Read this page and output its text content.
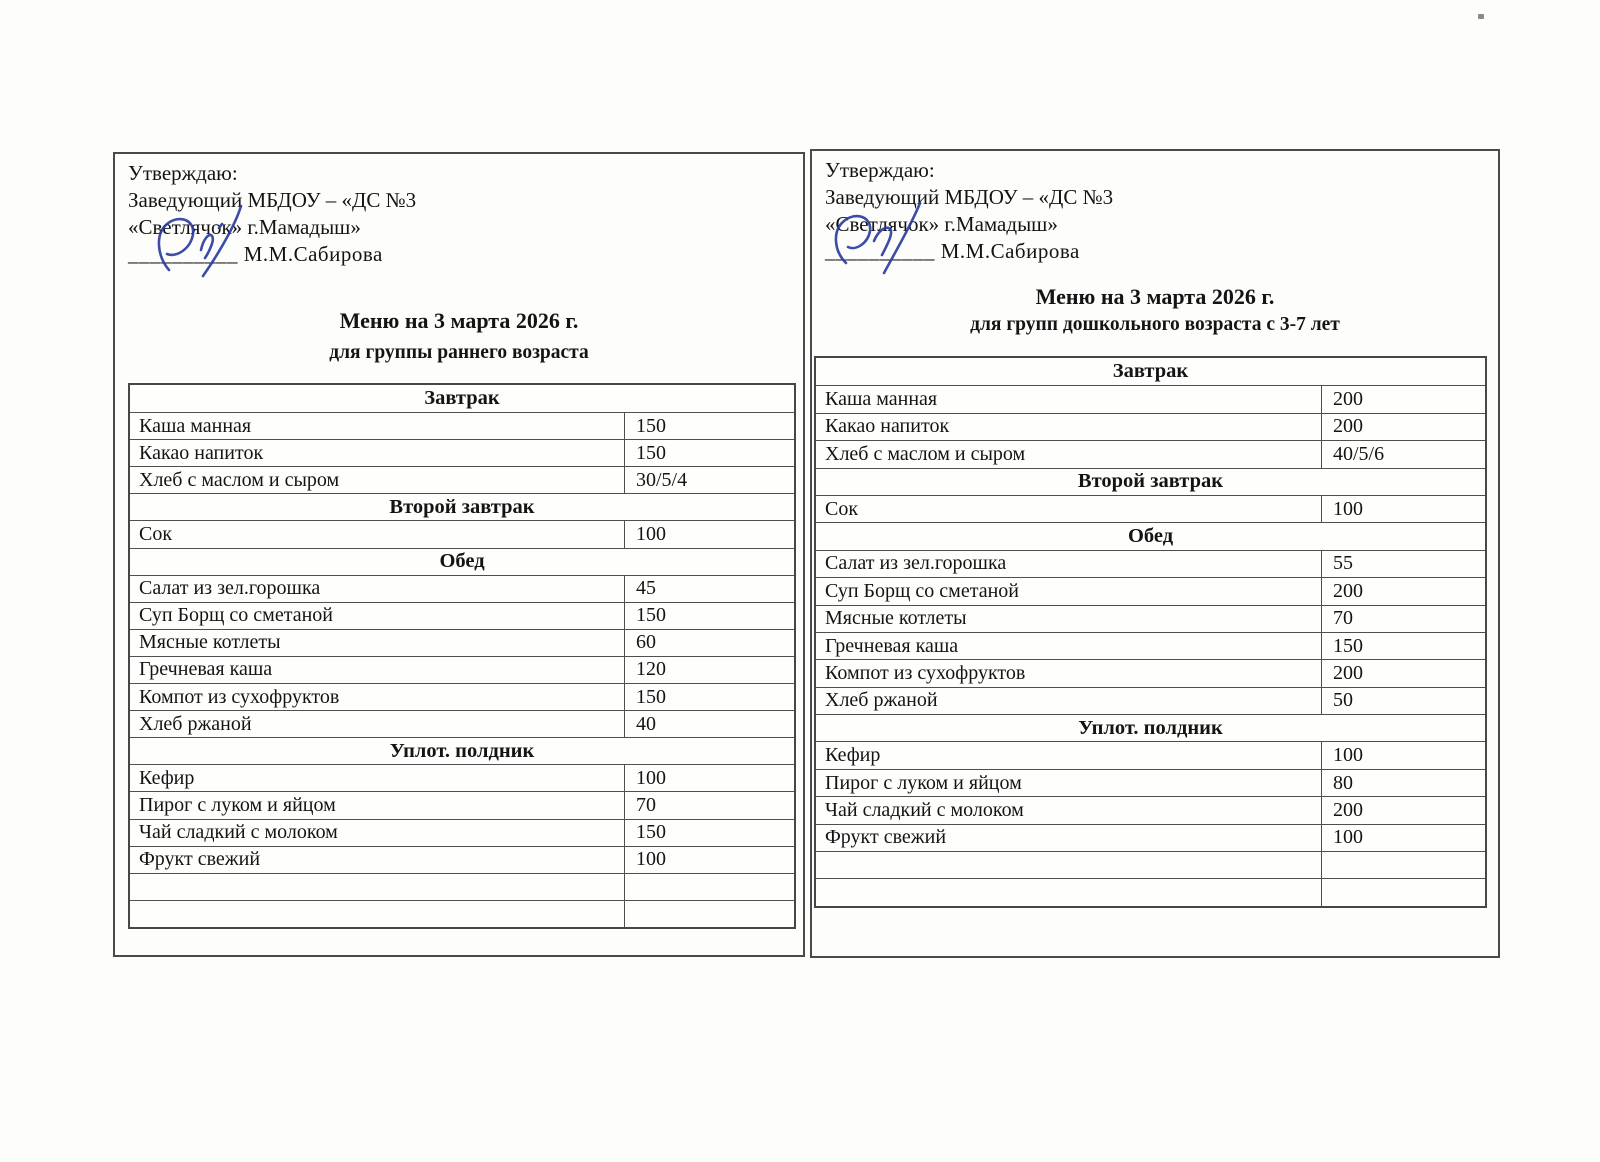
Утверждаю:
Заведующий МБДОУ – «ДС №3
«Светлячок» г.Мамадыш»
__________ М.М.Сабирова
Меню на 3 марта 2026 г.
для группы раннего возраста
Завтрак
Каша манная	150
Какао напиток	150
Хлеб с маслом и сыром	30/5/4
Второй завтрак
Сок	100
Обед
Салат из зел.горошка	45
Суп Борщ со сметаной	150
Мясные котлеты	60
Гречневая каша	120
Компот из сухофруктов	150
Хлеб ржаной	40
Уплот. полдник
Кефир	100
Пирог с луком и яйцом	70
Чай сладкий с молоком	150
Фрукт свежий	100
Утверждаю:
Заведующий МБДОУ – «ДС №3
«Светлячок» г.Мамадыш»
__________ М.М.Сабирова
Меню на 3 марта 2026 г.
для групп дошкольного возраста с 3-7 лет
Завтрак
Каша манная	200
Какао напиток	200
Хлеб с маслом и сыром	40/5/6
Второй завтрак
Сок	100
Обед
Салат из зел.горошка	55
Суп Борщ со сметаной	200
Мясные котлеты	70
Гречневая каша	150
Компот из сухофруктов	200
Хлеб ржаной	50
Уплот. полдник
Кефир	100
Пирог с луком и яйцом	80
Чай сладкий с молоком	200
Фрукт свежий	100
